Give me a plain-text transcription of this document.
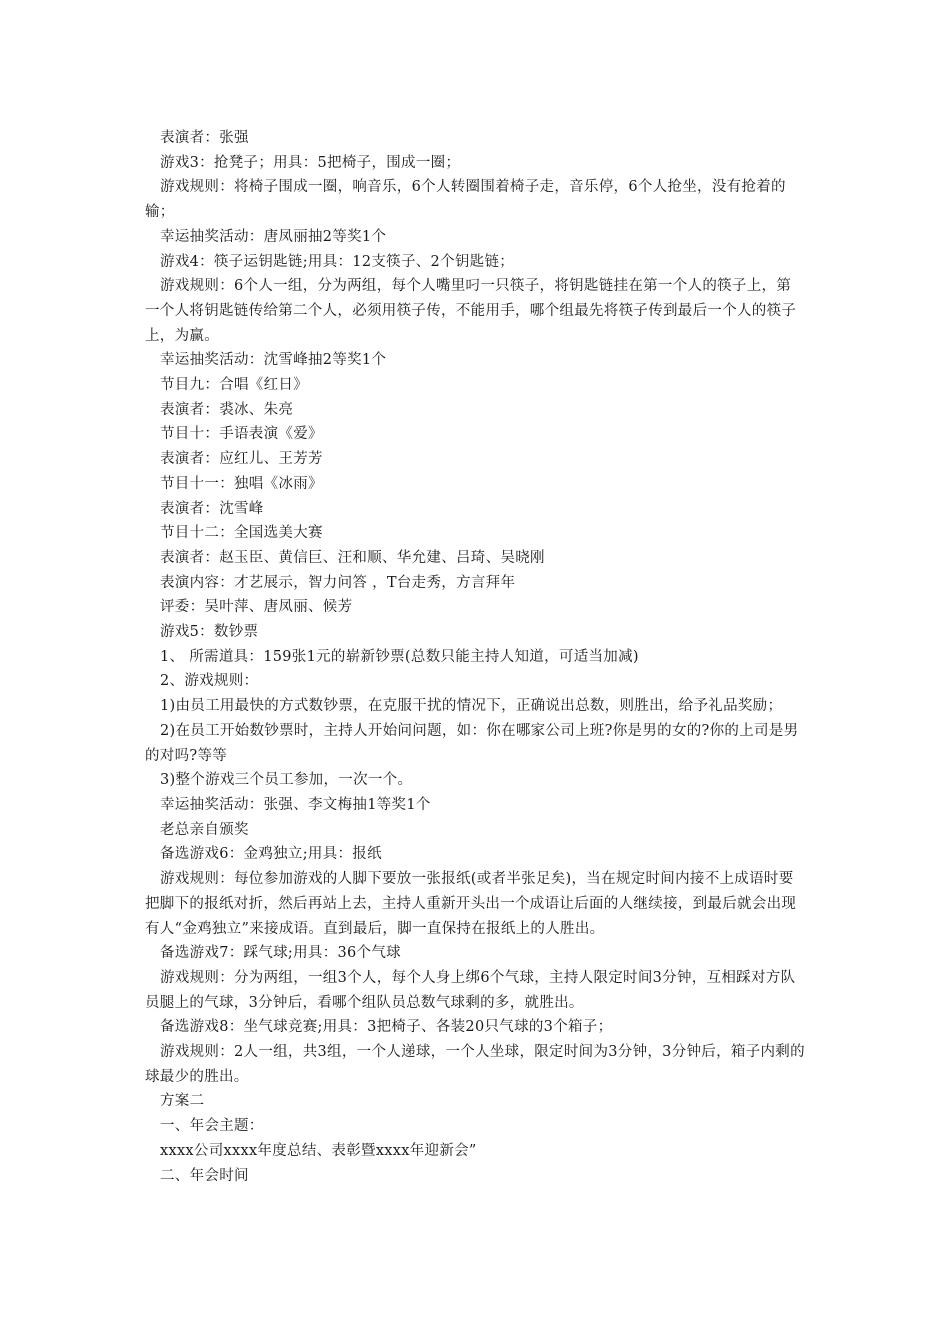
表演者：张强

游戏3：抢凳子；用具：5把椅子，围成一圈；

游戏规则：将椅子围成一圈，响音乐，6个人转圈围着椅子走，音乐停，6个人抢坐，没有抢着的输；

幸运抽奖活动：唐凤丽抽2等奖1个

游戏4：筷子运钥匙链;用具：12支筷子、2个钥匙链；

游戏规则：6个人一组，分为两组，每个人嘴里叼一只筷子，将钥匙链挂在第一个人的筷子上，第一个人将钥匙链传给第二个人，必须用筷子传，不能用手，哪个组最先将筷子传到最后一个人的筷子上，为赢。

幸运抽奖活动：沈雪峰抽2等奖1个

节目九：合唱《红日》

表演者：裘冰、朱亮

节目十：手语表演《爱》

表演者：应红儿、王芳芳

节目十一：独唱《冰雨》

表演者：沈雪峰

节目十二：全国选美大赛

表演者：赵玉臣、黄信巨、汪和顺、华允建、吕琦、吴晓刚

表演内容：才艺展示，智力问答 ，T台走秀，方言拜年

评委：吴叶萍、唐凤丽、候芳

游戏5：数钞票

1、 所需道具：159张1元的崭新钞票(总数只能主持人知道，可适当加减)

2、游戏规则：

1)由员工用最快的方式数钞票，在克服干扰的情况下，正确说出总数，则胜出，给予礼品奖励；

2)在员工开始数钞票时，主持人开始问问题，如：你在哪家公司上班?你是男的女的?你的上司是男的对吗?等等

3)整个游戏三个员工参加，一次一个。

幸运抽奖活动：张强、李文梅抽1等奖1个

老总亲自颁奖

备选游戏6：金鸡独立;用具：报纸

游戏规则：每位参加游戏的人脚下要放一张报纸(或者半张足矣)，当在规定时间内接不上成语时要把脚下的报纸对折，然后再站上去，主持人重新开头出一个成语让后面的人继续接，到最后就会出现有人“金鸡独立”来接成语。直到最后，脚一直保持在报纸上的人胜出。

备选游戏7：踩气球;用具：36个气球

游戏规则：分为两组，一组3个人，每个人身上绑6个气球，主持人限定时间3分钟，互相踩对方队员腿上的气球，3分钟后，看哪个组队员总数气球剩的多，就胜出。

备选游戏8：坐气球竞赛;用具：3把椅子、各装20只气球的3个箱子；

游戏规则：2人一组，共3组，一个人递球，一个人坐球，限定时间为3分钟，3分钟后，箱子内剩的球最少的胜出。

方案二

一、年会主题：

xxxx公司xxxx年度总结、表彰暨xxxx年迎新会”

二、年会时间
